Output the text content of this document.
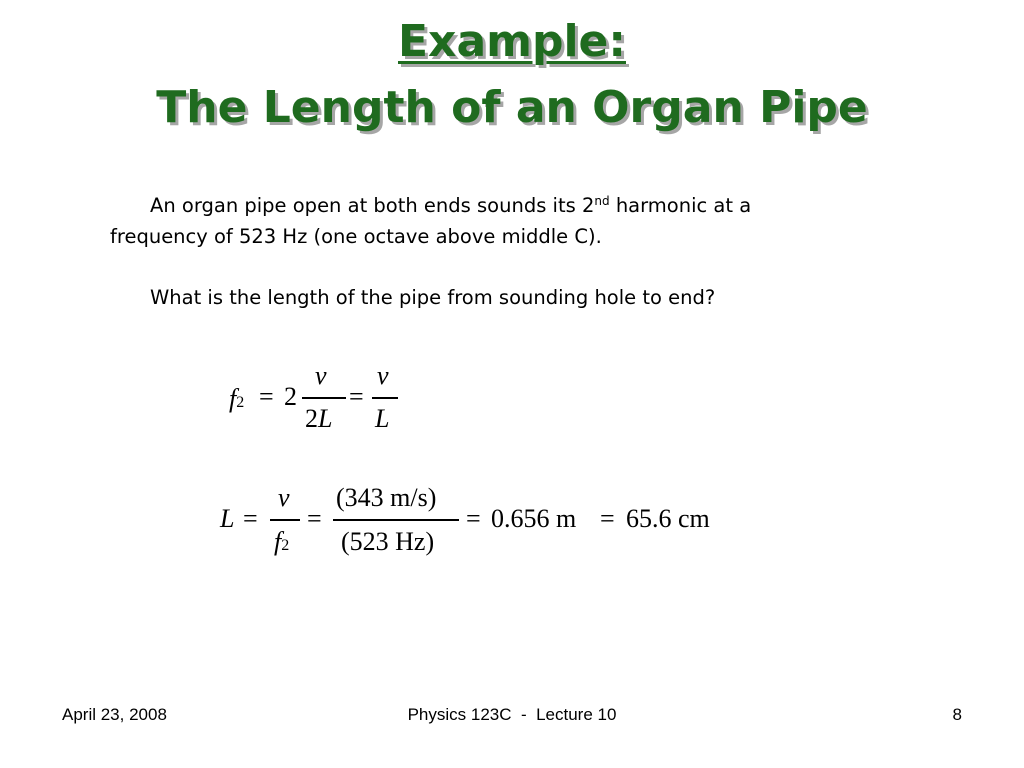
Example:
The Length of an Organ Pipe

An organ pipe open at both ends sounds its 2nd harmonic at a

frequency of 523 Hz (one octave above middle C).

What is the length of the pipe from sounding hole to end?

f2 = 2
v
2L
=
v
L
L =
v
f2
=
(343 m/s)
(523 Hz)
= 0.656 m = 65.6 cm
April 23, 2008	Physics 123C  -  Lecture 10	8
